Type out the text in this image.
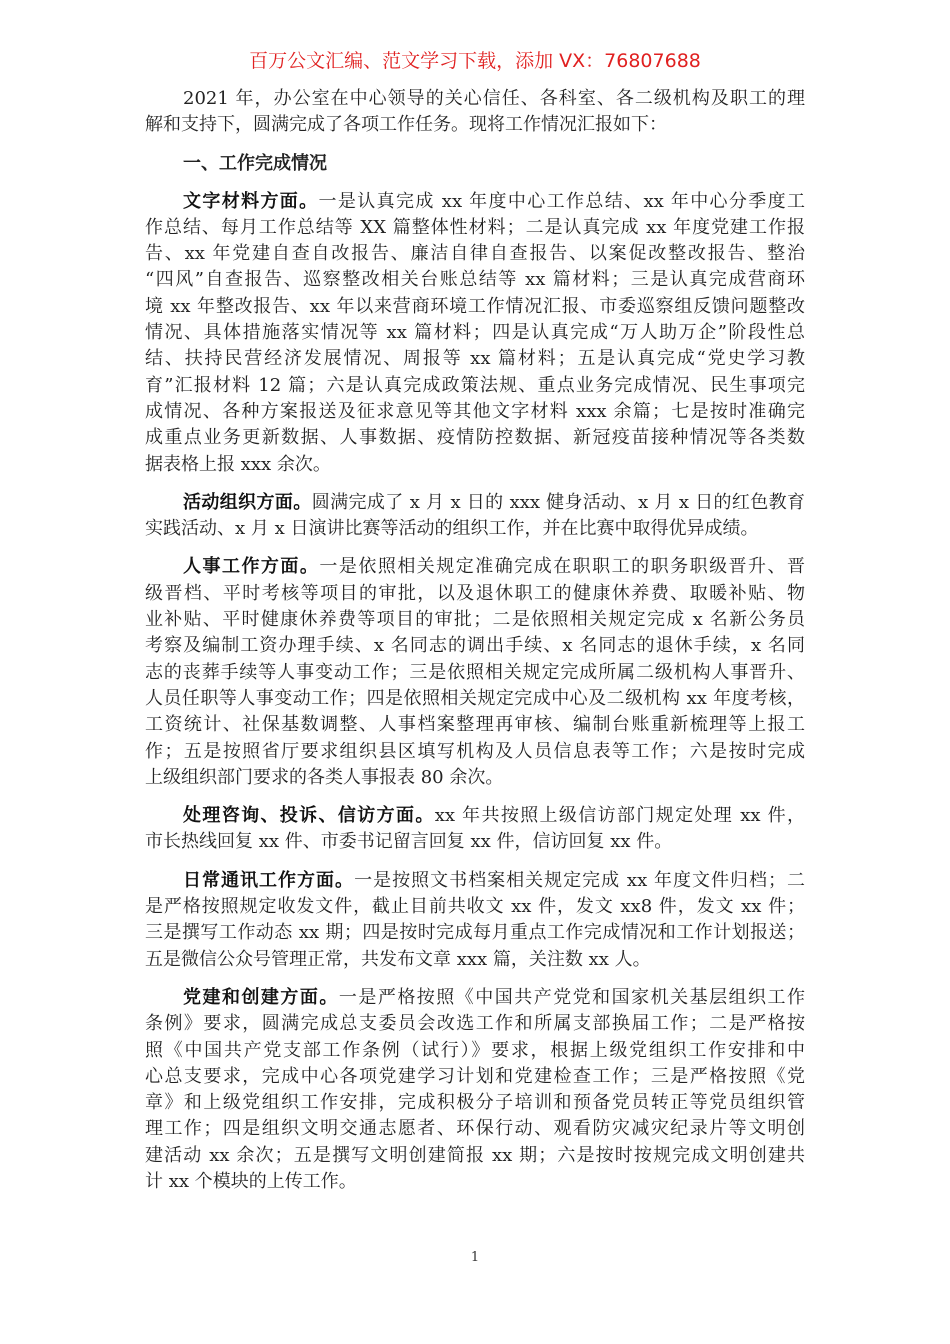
百万公文汇编、范文学习下载，添加 VX：76807688
2021 年，办公室在中心领导的关心信任、各科室、各二级机构及职工的理
解和支持下，圆满完成了各项工作任务。现将工作情况汇报如下：
一、工作完成情况
文字材料方面。一是认真完成 xx 年度中心工作总结、xx 年中心分季度工
作总结、每月工作总结等 XX 篇整体性材料；二是认真完成 xx 年度党建工作报
告、xx 年党建自查自改报告、廉洁自律自查报告、以案促改整改报告、整治
“四风”自查报告、巡察整改相关台账总结等 xx 篇材料；三是认真完成营商环
境 xx 年整改报告、xx 年以来营商环境工作情况汇报、市委巡察组反馈问题整改
情况、具体措施落实情况等 xx 篇材料；四是认真完成“万人助万企”阶段性总
结、扶持民营经济发展情况、周报等 xx 篇材料；五是认真完成“党史学习教
育”汇报材料 12 篇；六是认真完成政策法规、重点业务完成情况、民生事项完
成情况、各种方案报送及征求意见等其他文字材料 xxx 余篇；七是按时准确完
成重点业务更新数据、人事数据、疫情防控数据、新冠疫苗接种情况等各类数
据表格上报 xxx 余次。
活动组织方面。圆满完成了 x 月 x 日的 xxx 健身活动、x 月 x 日的红色教育
实践活动、x 月 x 日演讲比赛等活动的组织工作，并在比赛中取得优异成绩。
人事工作方面。一是依照相关规定准确完成在职职工的职务职级晋升、晋
级晋档、平时考核等项目的审批，以及退休职工的健康休养费、取暖补贴、物
业补贴、平时健康休养费等项目的审批；二是依照相关规定完成 x 名新公务员
考察及编制工资办理手续、x 名同志的调出手续、x 名同志的退休手续，x 名同
志的丧葬手续等人事变动工作；三是依照相关规定完成所属二级机构人事晋升、
人员任职等人事变动工作；四是依照相关规定完成中心及二级机构 xx 年度考核，
工资统计、社保基数调整、人事档案整理再审核、编制台账重新梳理等上报工
作；五是按照省厅要求组织县区填写机构及人员信息表等工作；六是按时完成
上级组织部门要求的各类人事报表 80 余次。
处理咨询、投诉、信访方面。xx 年共按照上级信访部门规定处理 xx 件，
市长热线回复 xx 件、市委书记留言回复 xx 件，信访回复 xx 件。
日常通讯工作方面。一是按照文书档案相关规定完成 xx 年度文件归档；二
是严格按照规定收发文件，截止目前共收文 xx 件，发文 xx8 件，发文 xx 件；
三是撰写工作动态 xx 期；四是按时完成每月重点工作完成情况和工作计划报送；
五是微信公众号管理正常，共发布文章 xxx 篇，关注数 xx 人。
党建和创建方面。一是严格按照《中国共产党党和国家机关基层组织工作
条例》要求，圆满完成总支委员会改选工作和所属支部换届工作；二是严格按
照《中国共产党支部工作条例（试行）》要求，根据上级党组织工作安排和中
心总支要求，完成中心各项党建学习计划和党建检查工作；三是严格按照《党
章》和上级党组织工作安排，完成积极分子培训和预备党员转正等党员组织管
理工作；四是组织文明交通志愿者、环保行动、观看防灾减灾纪录片等文明创
建活动 xx 余次；五是撰写文明创建简报 xx 期；六是按时按规完成文明创建共
计 xx 个模块的上传工作。
1
